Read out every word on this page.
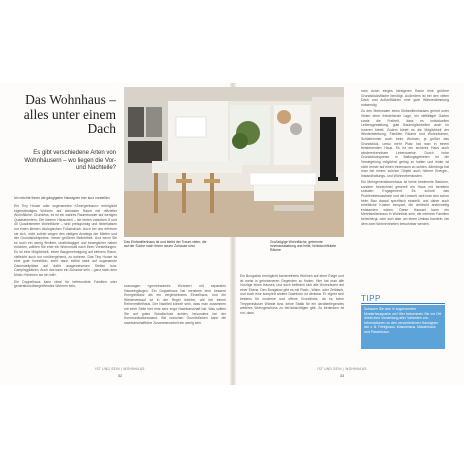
Das Wohnhaus – alles unter einem Dach
Es gibt verschiedene Arten von Wohnhäusern – wo liegen die Vor- und Nachteile?
Ich möchte Ihnen die gängigsten Haustypen hier kurz vorstellen.

Ein Tiny House oder sogenanntes »Zwergenhaus« ermöglicht eigenständiges Wohnen auf kleinstem Raum mit offizieller Wohnfläche. Grundriss, es ist ein wahres Raumwunder auf wenigen Quadratmetern. Die kleinen Häuschen – sie bieten zwischen 8 und 40 Quadratmeter Wohnfläche – sind preisgünstig und hinterlassen nur einen kleinen ökologischen Fußabdruck. Auch bei uns erfreuen sie sich, nicht zuletzt wegen des stetigen Anstiegs der Mieten und der Grundstückspreise, immer größerer Beliebtheit. Und wenn Sie es noch ein wenig flexibler, unabhängiger und beweglicher haben möchten, wählen Sie eher ein Wohnmobil nach Ihren Vorstellungen. Es ist eine Möglichkeit, einen Baugenehmigung auf kleinem Raum, vielleicht auch nur vorübergehend, zu wohnen. Das Tiny House ist eine gute Investition, steht dann selbst stark auf sogenannte Dauerstellplätze auf dafür ausgewiesenen Stellen bzw. Campingplätzen. Auch das kann ein Zuhause sein – ganz nach dem Motto »Wohnen wo ich will«.

Ein Doppelhaus kann ideal für befreundete Familien oder generationsübergreifendes Wohnen sein,	sozusagen »gemeinsames Wohnen« mit separaten Hauseingängen. Ein Doppelhaus hat meistens eine bessere Energiebilanz als ein vergleichbares Einzelhaus, und ein Wiederverkauf ist in der Regel leichter, wie bei einem Reihenmittelhaus. Der Nachteil könnte sein, dass man zusammen mit einer Seite hier eine sehr enge Nachbarschaft hat. Was sollten Sie auf gutes Schallschutz achten, besonders bei der Kommunikationswand. Bei manchen Grundstücken kann die nachbarschaftliche Zusammenarbeit ein wenig sein.

Das Einfamilienhaus ist und bleibt der Traum vieler, die auf der Suche nach ihrem neuen Zuhause sind.
Großzügige Wohnfläche, getrennte innenausstattung und helle, lichtdurchflutete Räume

Ein Bungalow ermöglicht barrierefreies Wohnen auf einer Etage und ist meist in gehobeneren Gegenden zu finden. Hier hat man alle Vorzüge eines Hauses, und doch befinden sich alle Wohnräume auf einer Ebene. Den Bungalow gibt es mit Flach-, Walm- oder Zeltdach, und auch eine komplett andere Dachform ist denkbar. Er eignet sich bestens für moderne und offene Grundrisse, da es keine Treppenhäuser Wände bzw. keine Statik für ein darüberliegendes weiteres Wohngeschoss zu berücksichtigen gibt. Zu bedenken ist nur, dass

man durch einges hiesigeren Raum eine größere Grundstücksfläche benötigt. Außerdem ist bei den vielen Dach und Außenflächen eine gute Wärmedämmung notwendig.

Zu den Merkmalen eines Einfamilienhauses gehört unter Vielen einer freistehende Lage, ein vielfältiger Garten sowie die Freiheit, dass es individuellen Lebensgestaltung, gute Baumöglichkeiten auch im Inneren bietet. Zudem bietet es die Möglichkeit der Wiederbelebung, Familien Räume und Wohnräumen, Schlafzimmer auch beim Wohnen, je größer das Grundstück, umso mehr Platz hat man in einem freistehenden Haus. Es ist ein sicheres Haus auch wiedererkennbare Lebensweise. Durch hohe Grundstückspreise in Ballungsgebieten ist die Versiegelung möglichst gering zu halten und leider ist nicht immer auf einen Innenraum zu achten. Allerdings hat man bei einem solchen Objekt auch höhere Energie-, Instandhaltungs- und Wohnnebenkosten.

Ein Mehrgenerationenhaus ist keine bestimmte Bauform, sondern bezeichnet generell ein Haus mit bereitem sozialen Engagement. Es schont das Problembewusstsein und die Umwelt, weil man sich schon beim Bau darauf spezifisch einstellt, und daher auch erhebliche Kosten einspart, die vielleicht anderweitig entstanden wären. Diese Hausart kann ein Mehrfamilienhaus in Wohnlinie sein, die mehrere Familien beherbergt, oder sich aber um einen Umbau handeln, bei dem zwei Wohneinheiten bewohnbar werden.

TIPP
Schauen Sie sich in sogenannten Musterhausparks um! Hier bekommen Sie vor Ort direkt eine Vorstellung aller Varianten von Informationen zu den verschiedenen Haustypen wie z. B. Fertighaus, Massivhaus, Massivhaus und Passivhaus.
IST UND SEIN | WOHNHAUS
32
IST UND SEIN | WOHNHAUS
33
